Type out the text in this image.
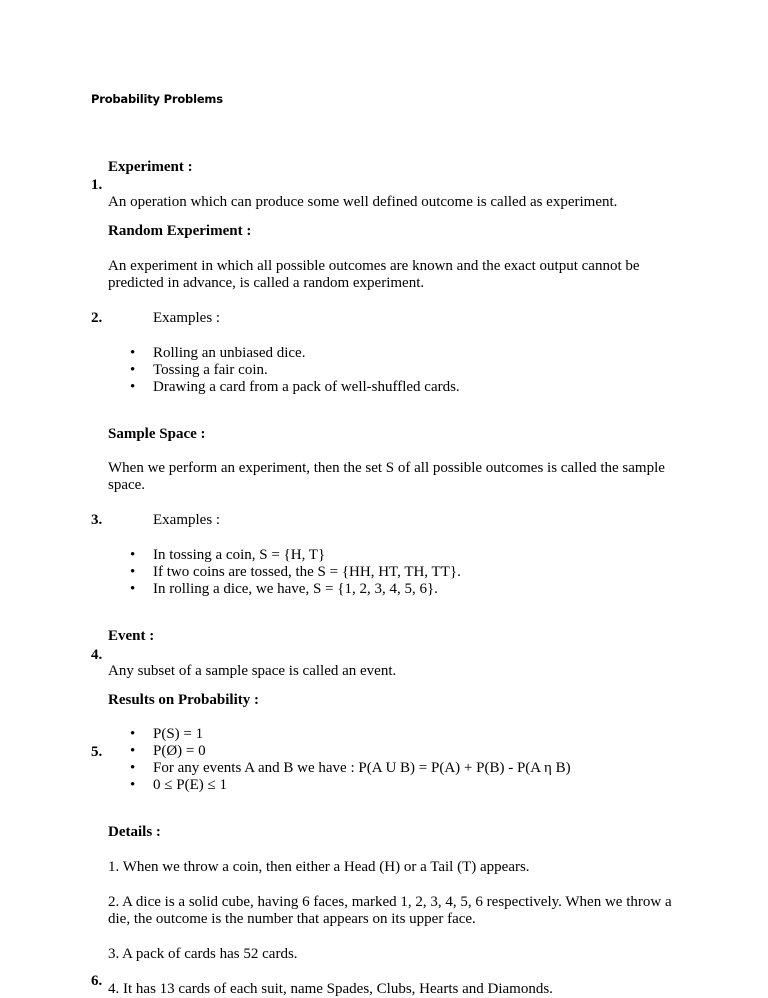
Probability Problems
Experiment :
1.
An operation which can produce some well defined outcome is called as experiment.
Random Experiment :
An experiment in which all possible outcomes are known and the exact output cannot be predicted in advance, is called a random experiment.
2.	Examples :
• Rolling an unbiased dice.
• Tossing a fair coin.
• Drawing a card from a pack of well-shuffled cards.
Sample Space :
When we perform an experiment, then the set S of all possible outcomes is called the sample space.
3.	Examples :
• In tossing a coin, S = {H, T}
• If two coins are tossed, the S = {HH, HT, TH, TT}.
• In rolling a dice, we have, S = {1, 2, 3, 4, 5, 6}.
Event :
4.
Any subset of a sample space is called an event.
Results on Probability :
5.
• P(S) = 1
• P(Ø) = 0
• For any events A and B we have : P(A U B) = P(A) + P(B) - P(A η B)
• 0 ≤ P(E) ≤ 1
Details :
1. When we throw a coin, then either a Head (H) or a Tail (T) appears.
2. A dice is a solid cube, having 6 faces, marked 1, 2, 3, 4, 5, 6 respectively. When we throw a die, the outcome is the number that appears on its upper face.
3. A pack of cards has 52 cards.
6. 4. It has 13 cards of each suit, name Spades, Clubs, Hearts and Diamonds.
